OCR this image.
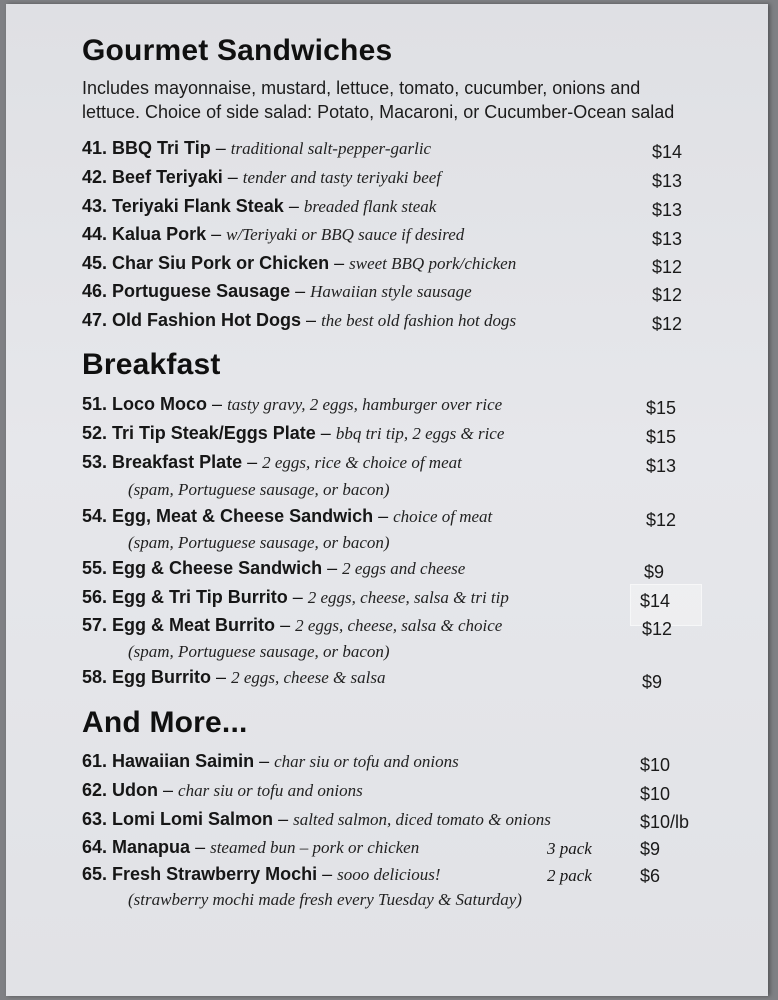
Gourmet Sandwiches
Includes mayonnaise, mustard, lettuce, tomato, cucumber, onions and
lettuce. Choice of side salad: Potato, Macaroni, or Cucumber-Ocean salad
41. BBQ Tri Tip – traditional salt-pepper-garlic	$14
42. Beef Teriyaki – tender and tasty teriyaki beef	$13
43. Teriyaki Flank Steak – breaded flank steak	$13
44. Kalua Pork – w/Teriyaki or BBQ sauce if desired	$13
45. Char Siu Pork or Chicken – sweet BBQ pork/chicken	$12
46. Portuguese Sausage – Hawaiian style sausage	$12
47. Old Fashion Hot Dogs – the best old fashion hot dogs	$12
Breakfast
51. Loco Moco – tasty gravy, 2 eggs, hamburger over rice	$15
52. Tri Tip Steak/Eggs Plate – bbq tri tip, 2 eggs & rice	$15
53. Breakfast Plate – 2 eggs, rice & choice of meat	$13
(spam, Portuguese sausage, or bacon)
54. Egg, Meat & Cheese Sandwich – choice of meat	$12
(spam, Portuguese sausage, or bacon)
55. Egg & Cheese Sandwich – 2 eggs and cheese	$9
56. Egg & Tri Tip Burrito – 2 eggs, cheese, salsa & tri tip	$14
57. Egg & Meat Burrito – 2 eggs, cheese, salsa & choice	$12
(spam, Portuguese sausage, or bacon)
58. Egg Burrito – 2 eggs, cheese & salsa	$9
And More...
61. Hawaiian Saimin – char siu or tofu and onions	$10
62. Udon – char siu or tofu and onions	$10
63. Lomi Lomi Salmon – salted salmon, diced tomato & onions	$10/lb
64. Manapua – steamed bun – pork or chicken	3 pack	$9
65. Fresh Strawberry Mochi – sooo delicious!	2 pack	$6
(strawberry mochi made fresh every Tuesday & Saturday)
